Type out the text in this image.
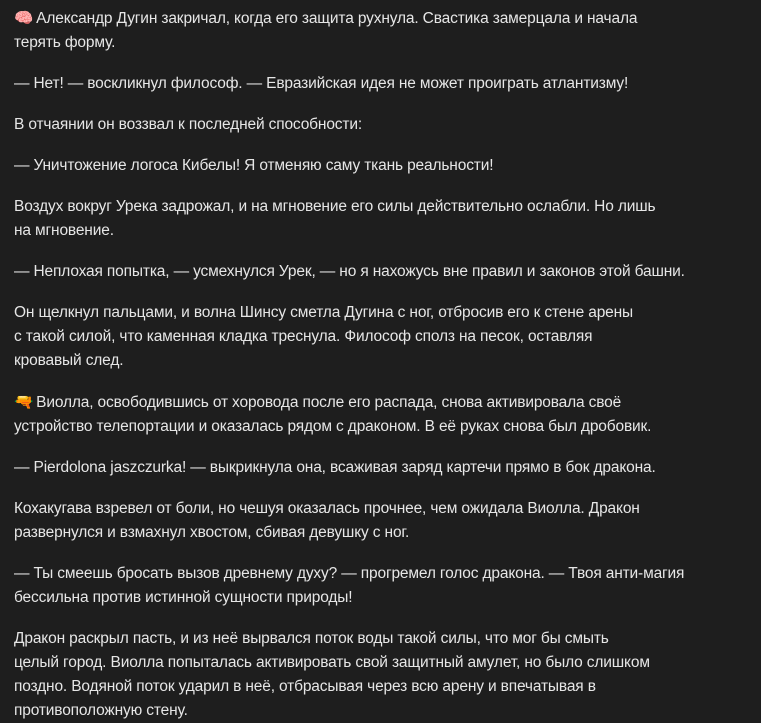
🧠 Александр Дугин закричал, когда его защита рухнула. Свастика замерцала и начала
терять форму.

— Нет! — воскликнул философ. — Евразийская идея не может проиграть атлантизму!

В отчаянии он воззвал к последней способности:

— Уничтожение логоса Кибелы! Я отменяю саму ткань реальности!

Воздух вокруг Урека задрожал, и на мгновение его силы действительно ослабли. Но лишь
на мгновение.

— Неплохая попытка, — усмехнулся Урек, — но я нахожусь вне правил и законов этой башни.

Он щелкнул пальцами, и волна Шинсу сметла Дугина с ног, отбросив его к стене арены
с такой силой, что каменная кладка треснула. Философ сполз на песок, оставляя
кровавый след.

🔫 Виолла, освободившись от хоровода после его распада, снова активировала своё
устройство телепортации и оказалась рядом с драконом. В её руках снова был дробовик.

— Pierdolona jaszczurka! — выкрикнула она, всаживая заряд картечи прямо в бок дракона.

Кохакугава взревел от боли, но чешуя оказалась прочнее, чем ожидала Виолла. Дракон
развернулся и взмахнул хвостом, сбивая девушку с ног.

— Ты смеешь бросать вызов древнему духу? — прогремел голос дракона. — Твоя анти-магия
бессильна против истинной сущности природы!

Дракон раскрыл пасть, и из неё вырвался поток воды такой силы, что мог бы смыть
целый город. Виолла попыталась активировать свой защитный амулет, но было слишком
поздно. Водяной поток ударил в неё, отбрасывая через всю арену и впечатывая в
противоположную стену.
